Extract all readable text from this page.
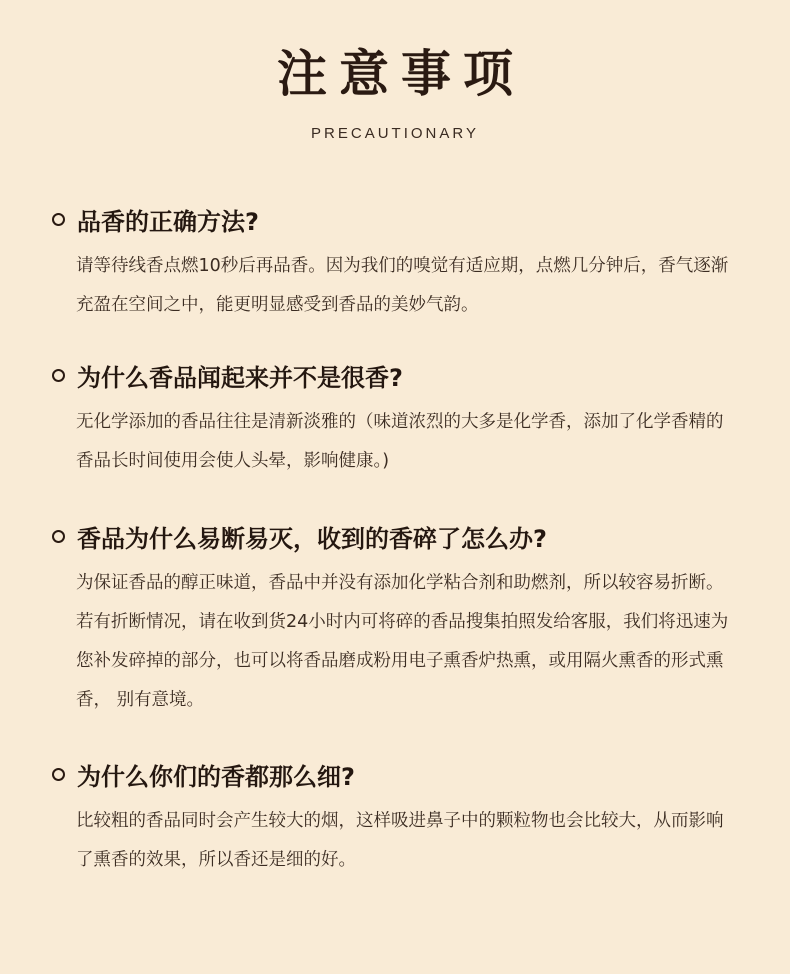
注意事项
PRECAUTIONARY
品香的正确方法?
请等待线香点燃10秒后再品香。因为我们的嗅觉有适应期，点燃几分钟后，香气逐渐充盈在空间之中，能更明显感受到香品的美妙气韵。
为什么香品闻起来并不是很香?
无化学添加的香品往往是清新淡雅的（味道浓烈的大多是化学香，添加了化学香精的香品长时间使用会使人头晕，影响健康。)
香品为什么易断易灭，收到的香碎了怎么办?
为保证香品的醇正味道，香品中并没有添加化学粘合剂和助燃剂，所以较容易折断。若有折断情况，请在收到货24小时内可将碎的香品搜集拍照发给客服，我们将迅速为您补发碎掉的部分，也可以将香品磨成粉用电子熏香炉热熏，或用隔火熏香的形式熏香， 别有意境。
为什么你们的香都那么细?
比较粗的香品同时会产生较大的烟，这样吸进鼻子中的颗粒物也会比较大，从而影响了熏香的效果，所以香还是细的好。
